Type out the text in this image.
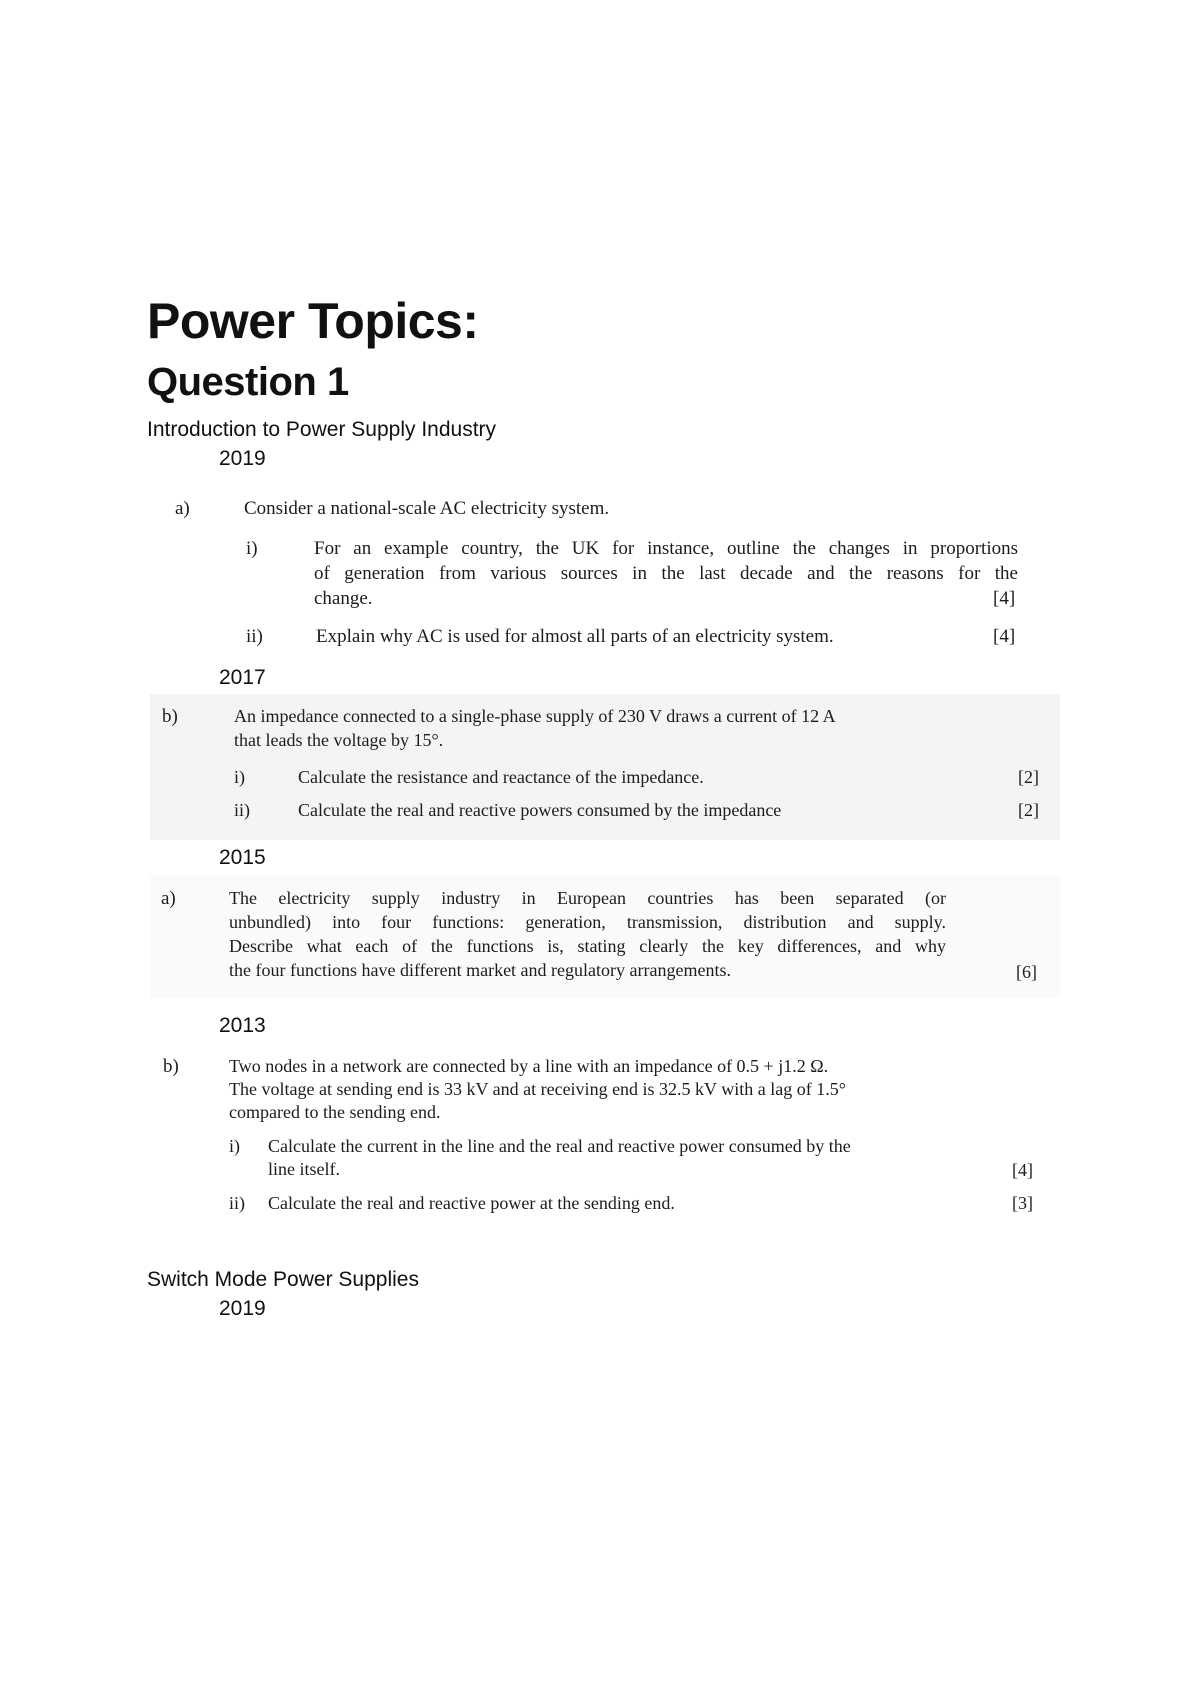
Power Topics:
Question 1
Introduction to Power Supply Industry
2019
a)	Consider a national-scale AC electricity system.
i)	For an example country, the UK for instance, outline the changes in proportions
of generation from various sources in the last decade and the reasons for the
change.	[4]
ii)	Explain why AC is used for almost all parts of an electricity system.	[4]
2017
b)	An impedance connected to a single-phase supply of 230 V draws a current of 12 A
that leads the voltage by 15°.
i)	Calculate the resistance and reactance of the impedance.	[2]
ii)	Calculate the real and reactive powers consumed by the impedance	[2]
2015
a)	The electricity supply industry in European countries has been separated (or
unbundled) into four functions: generation, transmission, distribution and supply.
Describe what each of the functions is, stating clearly the key differences, and why
the four functions have different market and regulatory arrangements.	[6]
2013
b)	Two nodes in a network are connected by a line with an impedance of 0.5 + j1.2 Ω.
The voltage at sending end is 33 kV and at receiving end is 32.5 kV with a lag of 1.5°
compared to the sending end.
i) Calculate the current in the line and the real and reactive power consumed by the
line itself.	[4]
ii) Calculate the real and reactive power at the sending end.	[3]
Switch Mode Power Supplies
2019
